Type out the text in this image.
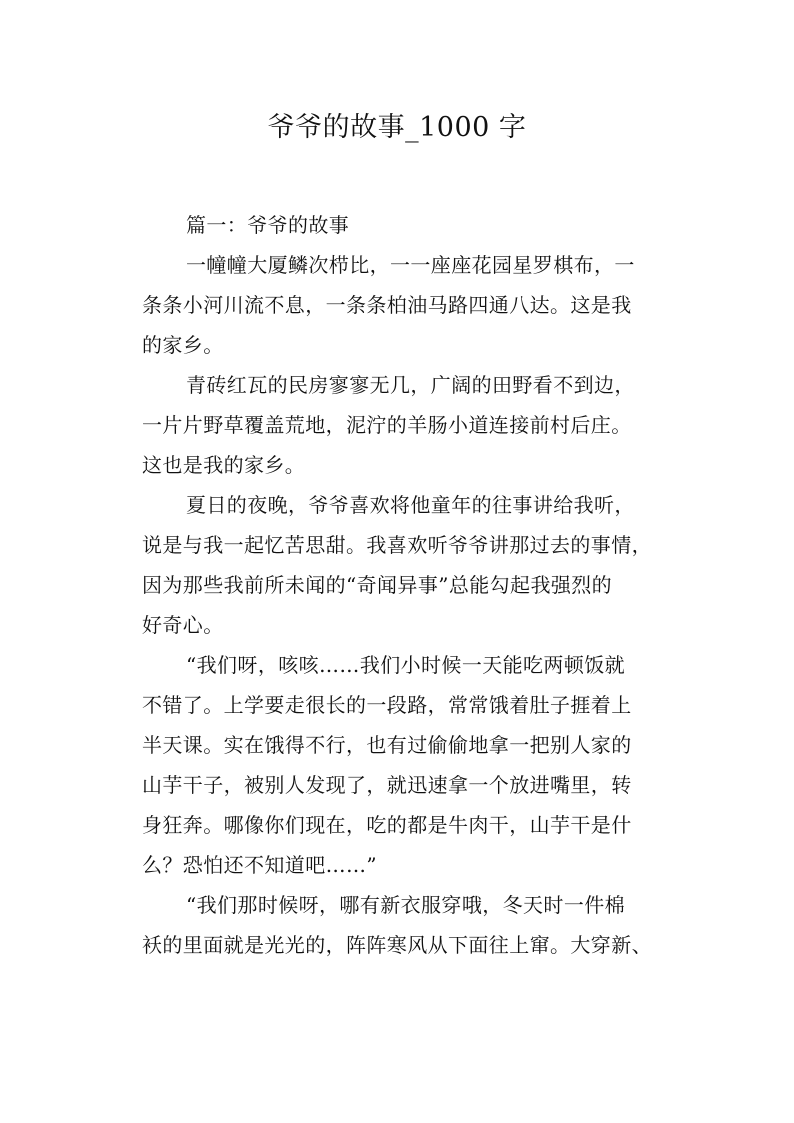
爷爷的故事_1000 字
篇一：爷爷的故事
一幢幢大厦鳞次栉比，一一座座花园星罗棋布，一
条条小河川流不息，一条条柏油马路四通八达。这是我
的家乡。
青砖红瓦的民房寥寥无几，广阔的田野看不到边，
一片片野草覆盖荒地，泥泞的羊肠小道连接前村后庄。
这也是我的家乡。
夏日的夜晚，爷爷喜欢将他童年的往事讲给我听，
说是与我一起忆苦思甜。我喜欢听爷爷讲那过去的事情，
因为那些我前所未闻的“奇闻异事”总能勾起我强烈的
好奇心。
“我们呀，咳咳……我们小时候一天能吃两顿饭就
不错了。上学要走很长的一段路，常常饿着肚子捱着上
半天课。实在饿得不行，也有过偷偷地拿一把别人家的
山芋干子，被别人发现了，就迅速拿一个放进嘴里，转
身狂奔。哪像你们现在，吃的都是牛肉干，山芋干是什
么？恐怕还不知道吧……”
“我们那时候呀，哪有新衣服穿哦，冬天时一件棉
袄的里面就是光光的，阵阵寒风从下面往上窜。大穿新、
